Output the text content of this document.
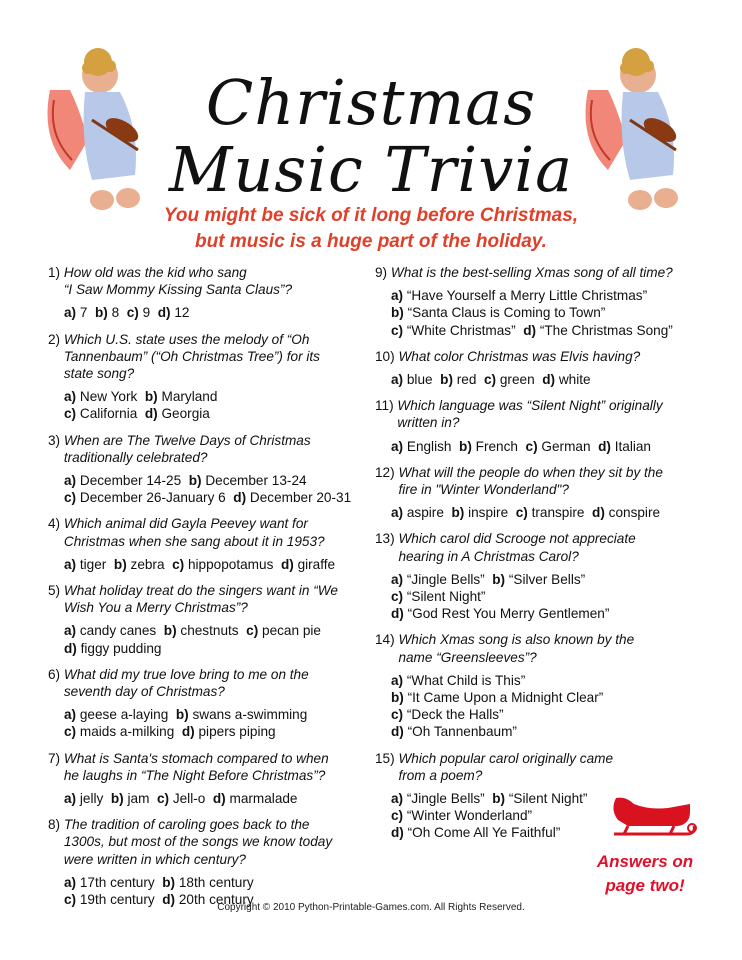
Christmas
Music Trivia
You might be sick of it long before Christmas,
but music is a huge part of the holiday.
1) How old was the kid who sang
“I Saw Mommy Kissing Santa Claus”?
a) 7 b) 8 c) 9 d) 12
2) Which U.S. state uses the melody of “Oh
Tannenbaum” (“Oh Christmas Tree”) for its
state song?
a) New York b) Maryland
c) California d) Georgia
3) When are The Twelve Days of Christmas
traditionally celebrated?
a) December 14-25 b) December 13-24
c) December 26-January 6 d) December 20-31
4) Which animal did Gayla Peevey want for
Christmas when she sang about it in 1953?
a) tiger b) zebra c) hippopotamus d) giraffe
5) What holiday treat do the singers want in “We
Wish You a Merry Christmas”?
a) candy canes b) chestnuts c) pecan pie
d) figgy pudding
6) What did my true love bring to me on the
seventh day of Christmas?
a) geese a-laying b) swans a-swimming
c) maids a-milking d) pipers piping
7) What is Santa's stomach compared to when
he laughs in “The Night Before Christmas”?
a) jelly b) jam c) Jell-o d) marmalade
8) The tradition of caroling goes back to the
1300s, but most of the songs we know today
were written in which century?
a) 17th century b) 18th century
c) 19th century d) 20th century
9) What is the best-selling Xmas song of all time?
a) “Have Yourself a Merry Little Christmas”
b) “Santa Claus is Coming to Town”
c) “White Christmas” d) “The Christmas Song”
10) What color Christmas was Elvis having?
a) blue b) red c) green d) white
11) Which language was “Silent Night” originally
written in?
a) English b) French c) German d) Italian
12) What will the people do when they sit by the
fire in "Winter Wonderland"?
a) aspire b) inspire c) transpire d) conspire
13) Which carol did Scrooge not appreciate
hearing in A Christmas Carol?
a) “Jingle Bells” b) “Silver Bells”
c) “Silent Night”
d) “God Rest You Merry Gentlemen”
14) Which Xmas song is also known by the
name “Greensleeves”?
a) “What Child is This”
b) “It Came Upon a Midnight Clear”
c) “Deck the Halls”
d) “Oh Tannenbaum”
15) Which popular carol originally came
from a poem?
a) “Jingle Bells” b) “Silent Night”
c) “Winter Wonderland”
d) “Oh Come All Ye Faithful”
Answers on
page two!
Copyright © 2010 Python-Printable-Games.com. All Rights Reserved.
